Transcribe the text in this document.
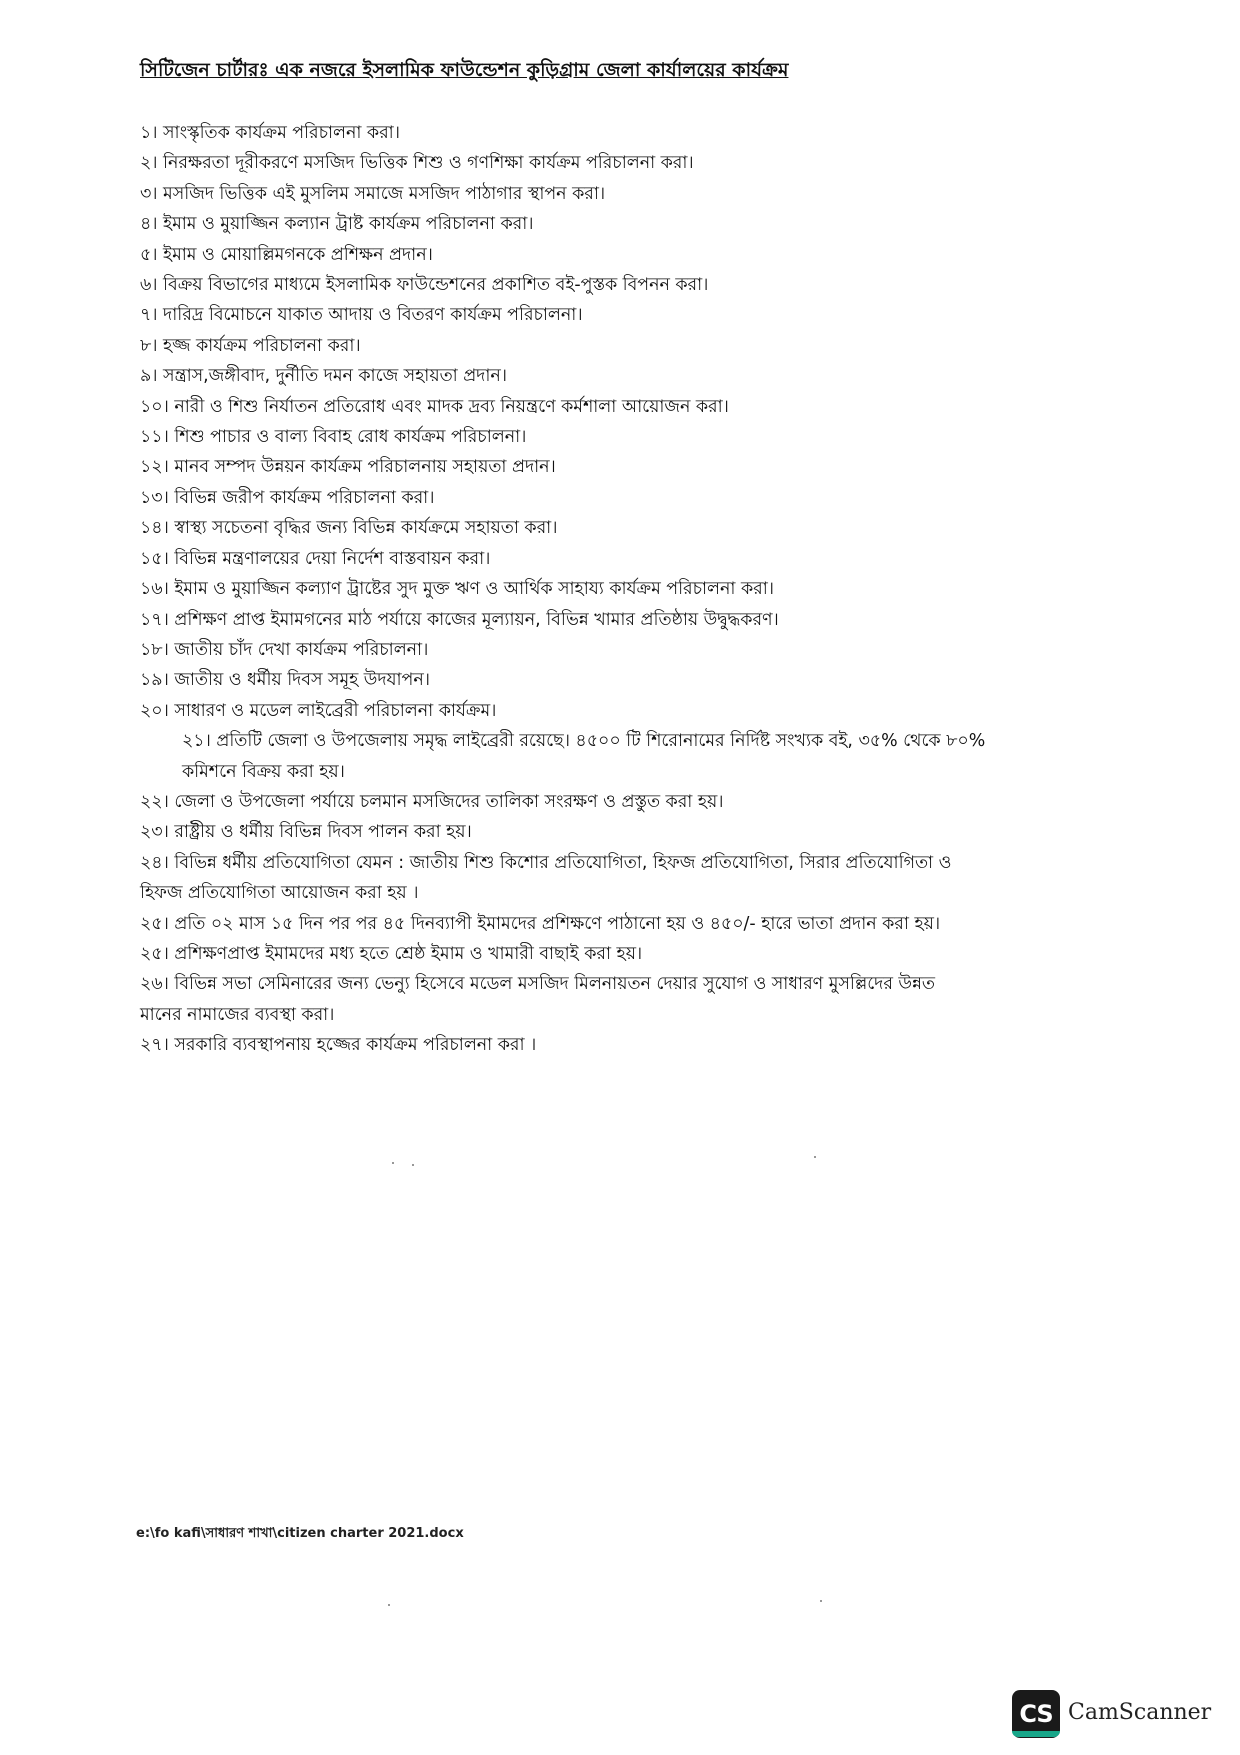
সিটিজেন চার্টারঃ এক নজরে ইসলামিক ফাউন্ডেশন কুড়িগ্রাম জেলা কার্যালয়ের কার্যক্রম
১। সাংস্কৃতিক কার্যক্রম পরিচালনা করা।
২। নিরক্ষরতা দূরীকরণে মসজিদ ভিত্তিক শিশু ও গণশিক্ষা কার্যক্রম পরিচালনা করা।
৩। মসজিদ ভিত্তিক এই মুসলিম সমাজে মসজিদ পাঠাগার স্থাপন করা।
৪। ইমাম ও মুয়াজ্জিন কল্যান ট্রাষ্ট কার্যক্রম পরিচালনা করা।
৫। ইমাম ও মোয়াল্লিমগনকে প্রশিক্ষন প্রদান।
৬। বিক্রয় বিভাগের মাধ্যমে ইসলামিক ফাউন্ডেশনের প্রকাশিত বই-পুস্তক বিপনন করা।
৭। দারিদ্র বিমোচনে যাকাত আদায় ও বিতরণ কার্যক্রম পরিচালনা।
৮। হজ্জ কার্যক্রম পরিচালনা করা।
৯। সন্ত্রাস,জঙ্গীবাদ, দুর্নীতি দমন কাজে সহায়তা প্রদান।
১০। নারী ও শিশু নির্যাতন প্রতিরোধ এবং মাদক দ্রব্য নিয়ন্ত্রণে কর্মশালা আয়োজন করা।
১১। শিশু পাচার ও বাল্য বিবাহ রোধ কার্যক্রম পরিচালনা।
১২। মানব সম্পদ উন্নয়ন কার্যক্রম পরিচালনায় সহায়তা প্রদান।
১৩। বিভিন্ন জরীপ কার্যক্রম পরিচালনা করা।
১৪। স্বাস্থ্য সচেতনা বৃদ্ধির জন্য বিভিন্ন কার্যক্রমে সহায়তা করা।
১৫। বিভিন্ন মন্ত্রণালয়ের দেয়া নির্দেশ বাস্তবায়ন করা।
১৬। ইমাম ও মুয়াজ্জিন কল্যাণ ট্রাষ্টের সুদ মুক্ত ঋণ ও আর্থিক সাহায্য কার্যক্রম পরিচালনা করা।
১৭। প্রশিক্ষণ প্রাপ্ত ইমামগনের মাঠ পর্যায়ে কাজের মূল্যায়ন, বিভিন্ন খামার প্রতিষ্ঠায় উদ্বুদ্ধকরণ।
১৮। জাতীয় চাঁদ দেখা কার্যক্রম পরিচালনা।
১৯। জাতীয় ও ধর্মীয় দিবস সমূহ উদযাপন।
২০। সাধারণ ও মডেল লাইব্রেরী পরিচালনা কার্যক্রম।
২১। প্রতিটি জেলা ও উপজেলায় সমৃদ্ধ লাইব্রেরী রয়েছে। ৪৫০০ টি শিরোনামের নির্দিষ্ট সংখ্যক বই, ৩৫% থেকে ৮০%
কমিশনে বিক্রয় করা হয়।
২২। জেলা ও উপজেলা পর্যায়ে চলমান মসজিদের তালিকা সংরক্ষণ ও প্রস্তুত করা হয়।
২৩। রাষ্ট্রীয় ও ধর্মীয় বিভিন্ন দিবস পালন করা হয়।
২৪। বিভিন্ন ধর্মীয় প্রতিযোগিতা যেমন : জাতীয় শিশু কিশোর প্রতিযোগিতা, হিফজ প্রতিযোগিতা, সিরার প্রতিযোগিতা ও
হিফজ প্রতিযোগিতা আয়োজন করা হয় ।
২৫। প্রতি ০২ মাস ১৫ দিন পর পর ৪৫ দিনব্যাপী ইমামদের প্রশিক্ষণে পাঠানো হয় ও ৪৫০/- হারে ভাতা প্রদান করা হয়।
২৫। প্রশিক্ষণপ্রাপ্ত ইমামদের মধ্য হতে শ্রেষ্ঠ ইমাম ও খামারী বাছাই করা হয়।
২৬। বিভিন্ন সভা সেমিনারের জন্য ভেন্যু হিসেবে মডেল মসজিদ মিলনায়তন দেয়ার সুযোগ ও সাধারণ মুসল্লিদের উন্নত
মানের নামাজের ব্যবস্থা করা।
২৭। সরকারি ব্যবস্থাপনায় হজ্জের কার্যক্রম পরিচালনা করা ।
e:\fo kafi\সাধারণ শাখা\citizen charter 2021.docx
CS CamScanner
